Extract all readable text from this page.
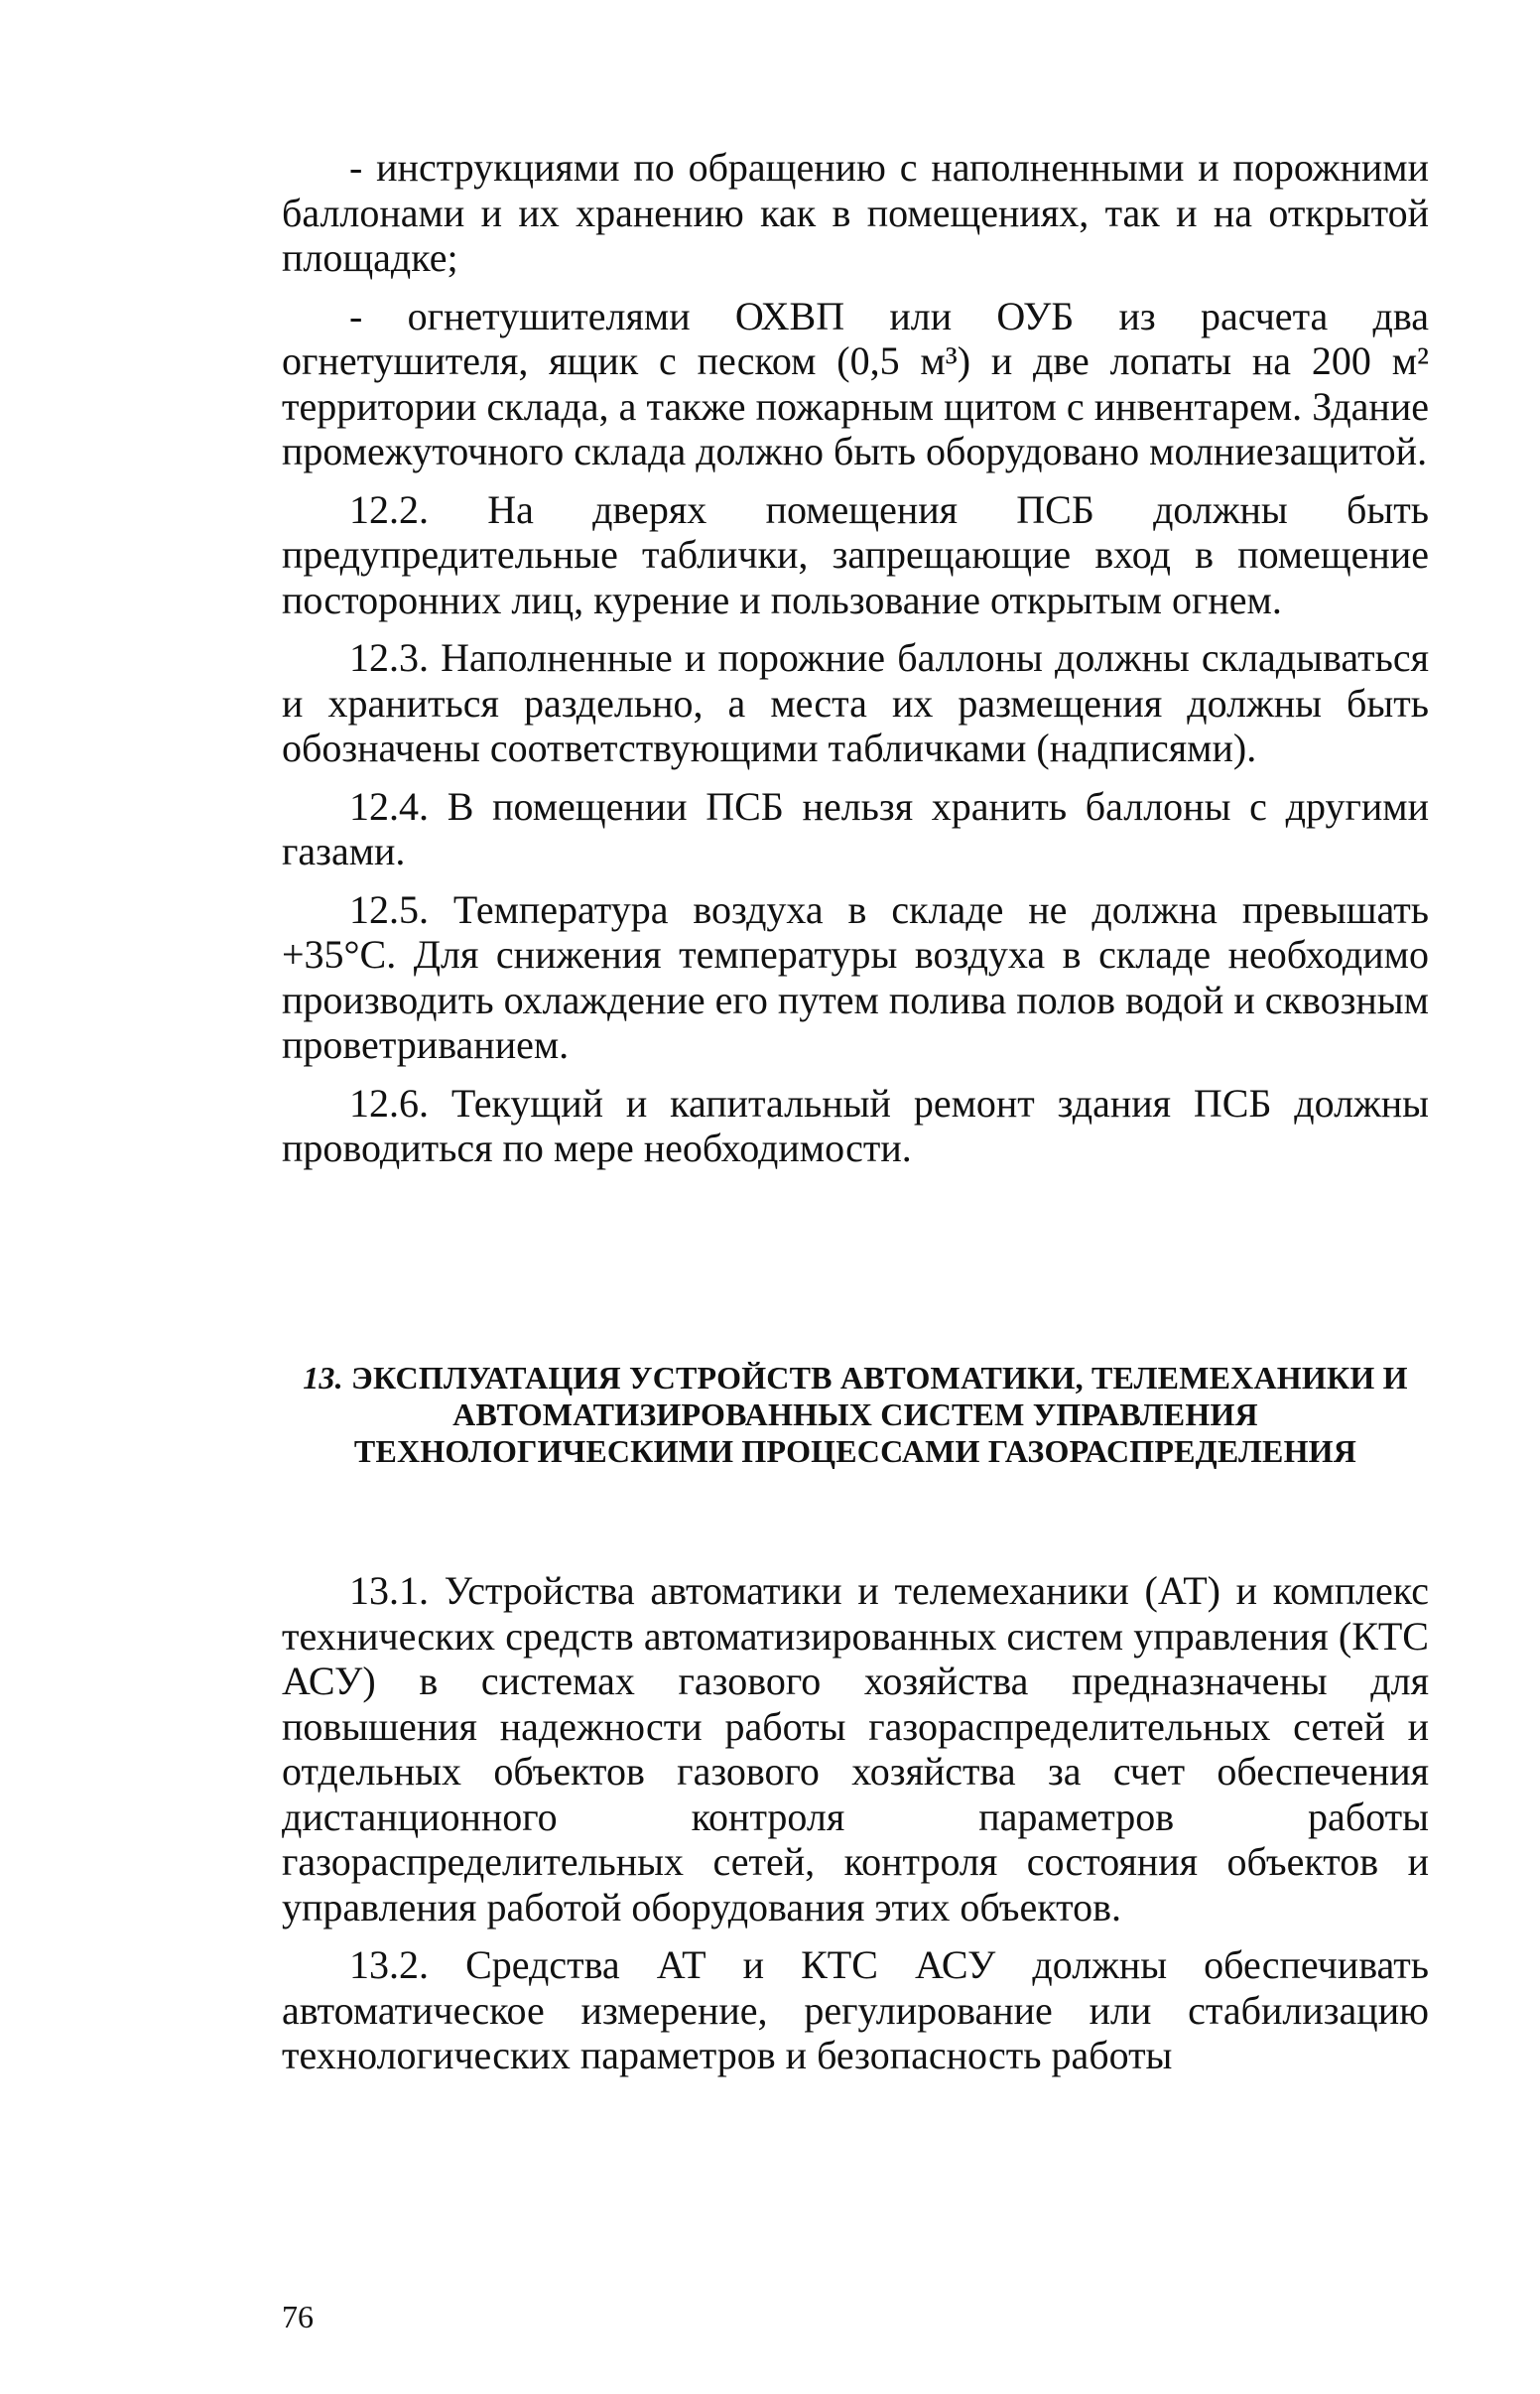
- инструкциями по обращению с наполненными и порожними баллонами и их хранению как в помещениях, так и на открытой площадке;

- огнетушителями ОХВП или ОУБ из расчета два огнетушителя, ящик с песком (0,5 м³) и две лопаты на 200 м² территории склада, а также пожарным щитом с инвентарем. Здание промежуточного склада должно быть оборудовано молниезащитой.

12.2. На дверях помещения ПСБ должны быть предупредительные таблички, запрещающие вход в помещение посторонних лиц, курение и пользование открытым огнем.

12.3. Наполненные и порожние баллоны должны складываться и храниться раздельно, а места их размещения должны быть обозначены соответствующими табличками (надписями).

12.4. В помещении ПСБ нельзя хранить баллоны с другими газами.

12.5. Температура воздуха в складе не должна превышать +35°С. Для снижения температуры воздуха в складе необходимо производить охлаждение его путем полива полов водой и сквозным проветриванием.

12.6. Текущий и капитальный ремонт здания ПСБ должны проводиться по мере необходимости.

13. ЭКСПЛУАТАЦИЯ УСТРОЙСТВ АВТОМАТИКИ, ТЕЛЕМЕХАНИКИ И АВТОМАТИЗИРОВАННЫХ СИСТЕМ УПРАВЛЕНИЯ ТЕХНОЛОГИЧЕСКИМИ ПРОЦЕССАМИ ГАЗОРАСПРЕДЕЛЕНИЯ

13.1. Устройства автоматики и телемеханики (АТ) и комплекс технических средств автоматизированных систем управления (КТС АСУ) в системах газового хозяйства предназначены для повышения надежности работы газораспределительных сетей и отдельных объектов газового хозяйства за счет обеспечения дистанционного контроля параметров работы газораспределительных сетей, контроля состояния объектов и управления работой оборудования этих объектов.

13.2. Средства АТ и КТС АСУ должны обеспечивать автоматическое измерение, регулирование или стабилизацию технологических параметров и безопасность работы

76
